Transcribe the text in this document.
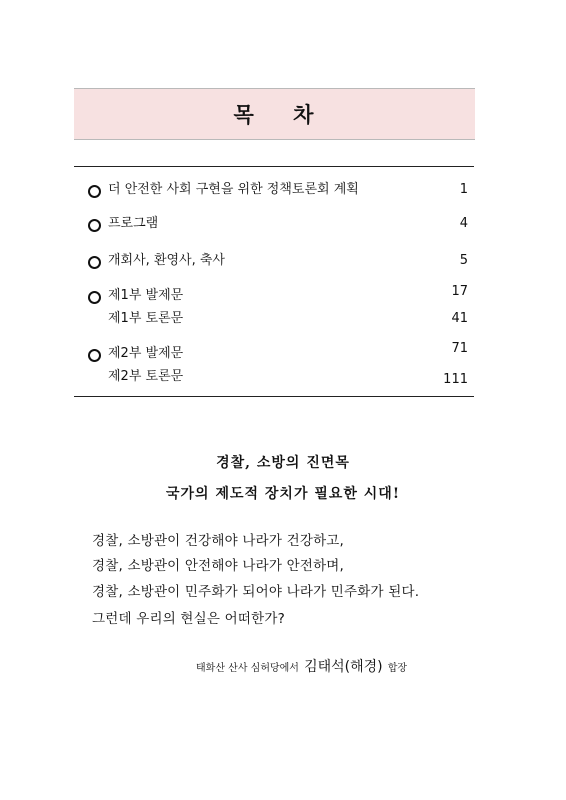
목 차
더 안전한 사회 구현을 위한 정책토론회 계획	1
프로그램	4
개회사, 환영사, 축사	5
제1부 발제문	17
제1부 토론문	41
제2부 발제문	71
제2부 토론문	111
경찰, 소방의 진면목
국가의 제도적 장치가 필요한 시대!
경찰, 소방관이 건강해야 나라가 건강하고,
경찰, 소방관이 안전해야 나라가 안전하며,
경찰, 소방관이 민주화가 되어야 나라가 민주화가 된다.
그런데 우리의 현실은 어떠한가?
태화산 산사 심허당에서 김태석(해경) 합장
